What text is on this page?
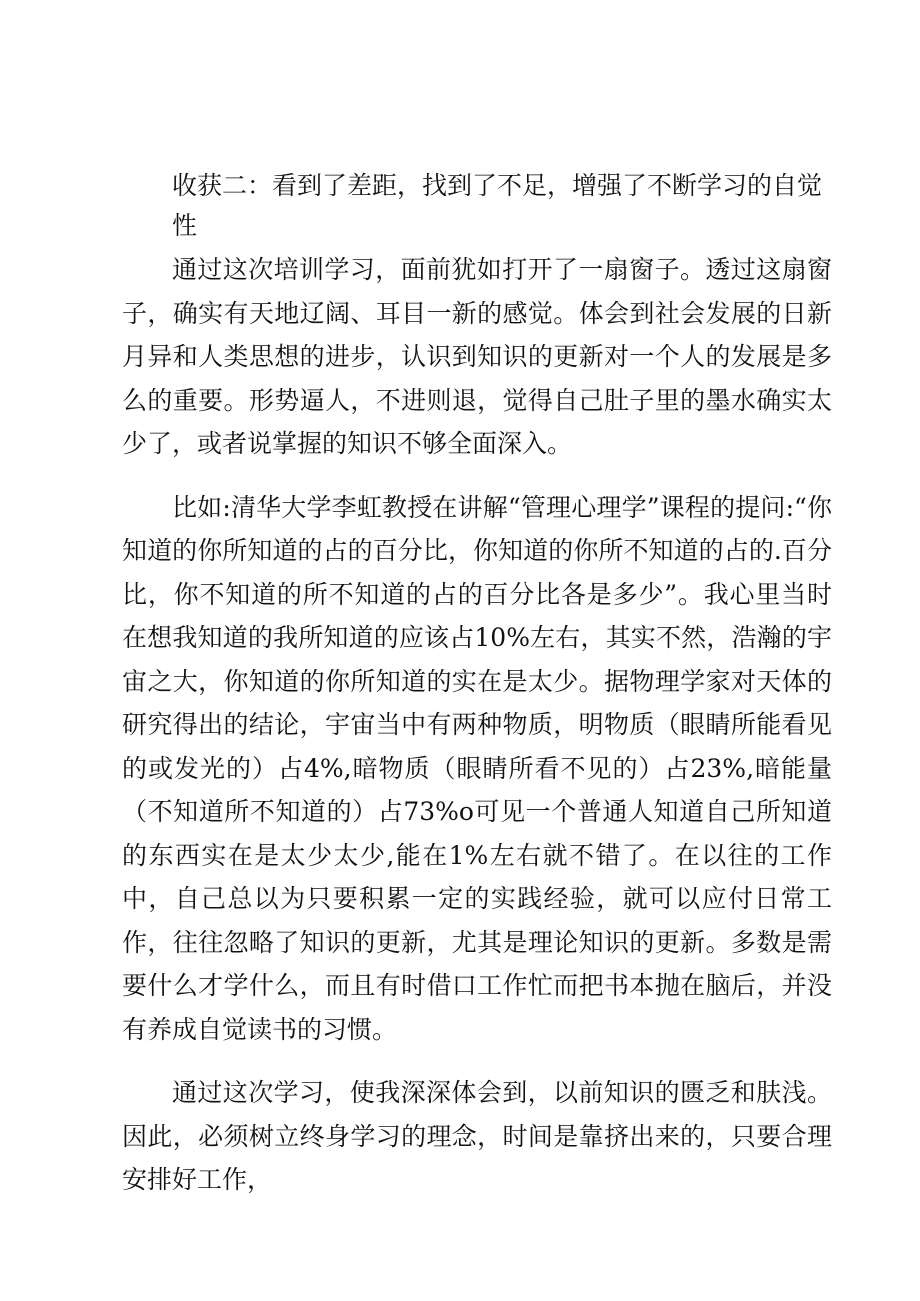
收获二：看到了差距，找到了不足，增强了不断学习的自觉性

通过这次培训学习，面前犹如打开了一扇窗子。透过这扇窗子，确实有天地辽阔、耳目一新的感觉。体会到社会发展的日新月异和人类思想的进步，认识到知识的更新对一个人的发展是多么的重要。形势逼人，不进则退，觉得自己肚子里的墨水确实太少了，或者说掌握的知识不够全面深入。

比如:清华大学李虹教授在讲解“管理心理学”课程的提问:“你知道的你所知道的占的百分比，你知道的你所不知道的占的.百分比，你不知道的所不知道的占的百分比各是多少”。我心里当时在想我知道的我所知道的应该占10%左右，其实不然，浩瀚的宇宙之大，你知道的你所知道的实在是太少。据物理学家对天体的研究得出的结论，宇宙当中有两种物质，明物质（眼睛所能看见的或发光的）占4%,暗物质（眼睛所看不见的）占23%,暗能量（不知道所不知道的）占73%o可见一个普通人知道自己所知道的东西实在是太少太少,能在1%左右就不错了。在以往的工作中，自己总以为只要积累一定的实践经验，就可以应付日常工作，往往忽略了知识的更新，尤其是理论知识的更新。多数是需要什么才学什么，而且有时借口工作忙而把书本抛在脑后，并没有养成自觉读书的习惯。

通过这次学习，使我深深体会到，以前知识的匮乏和肤浅。因此，必须树立终身学习的理念，时间是靠挤出来的，只要合理安排好工作，
